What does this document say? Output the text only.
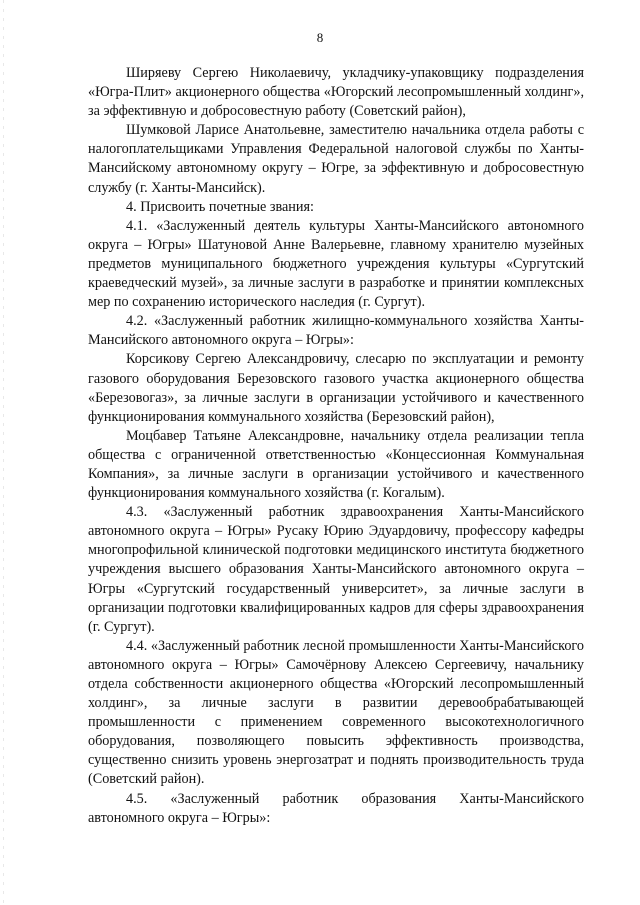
8

Ширяеву Сергею Николаевичу, укладчику-упаковщику подразделения «Югра-Плит» акционерного общества «Югорский лесопромышленный холдинг», за эффективную и добросовестную работу (Советский район),

Шумковой Ларисе Анатольевне, заместителю начальника отдела работы с налогоплательщиками Управления Федеральной налоговой службы по Ханты-Мансийскому автономному округу – Югре, за эффективную и добросовестную службу (г. Ханты-Мансийск).

4. Присвоить почетные звания:

4.1. «Заслуженный деятель культуры Ханты-Мансийского автономного округа – Югры» Шатуновой Анне Валерьевне, главному хранителю музейных предметов муниципального бюджетного учреждения культуры «Сургутский краеведческий музей», за личные заслуги в разработке и принятии комплексных мер по сохранению исторического наследия (г. Сургут).

4.2. «Заслуженный работник жилищно-коммунального хозяйства Ханты-Мансийского автономного округа – Югры»:

Корсикову Сергею Александровичу, слесарю по эксплуатации и ремонту газового оборудования Березовского газового участка акционерного общества «Березовогаз», за личные заслуги в организации устойчивого и качественного функционирования коммунального хозяйства (Березовский район),

Моцбавер Татьяне Александровне, начальнику отдела реализации тепла общества с ограниченной ответственностью «Концессионная Коммунальная Компания», за личные заслуги в организации устойчивого и качественного функционирования коммунального хозяйства (г. Когалым).

4.3. «Заслуженный работник здравоохранения Ханты-Мансийского автономного округа – Югры» Русаку Юрию Эдуардовичу, профессору кафедры многопрофильной клинической подготовки медицинского института бюджетного учреждения высшего образования Ханты-Мансийского автономного округа – Югры «Сургутский государственный университет», за личные заслуги в организации подготовки квалифицированных кадров для сферы здравоохранения (г. Сургут).

4.4. «Заслуженный работник лесной промышленности Ханты-Мансийского автономного округа – Югры» Самочёрнову Алексею Сергеевичу, начальнику отдела собственности акционерного общества «Югорский лесопромышленный холдинг», за личные заслуги в развитии деревообрабатывающей промышленности с применением современного высокотехнологичного оборудования, позволяющего повысить эффективность производства, существенно снизить уровень энергозатрат и поднять производительность труда (Советский район).

4.5. «Заслуженный работник образования Ханты-Мансийского автономного округа – Югры»:
